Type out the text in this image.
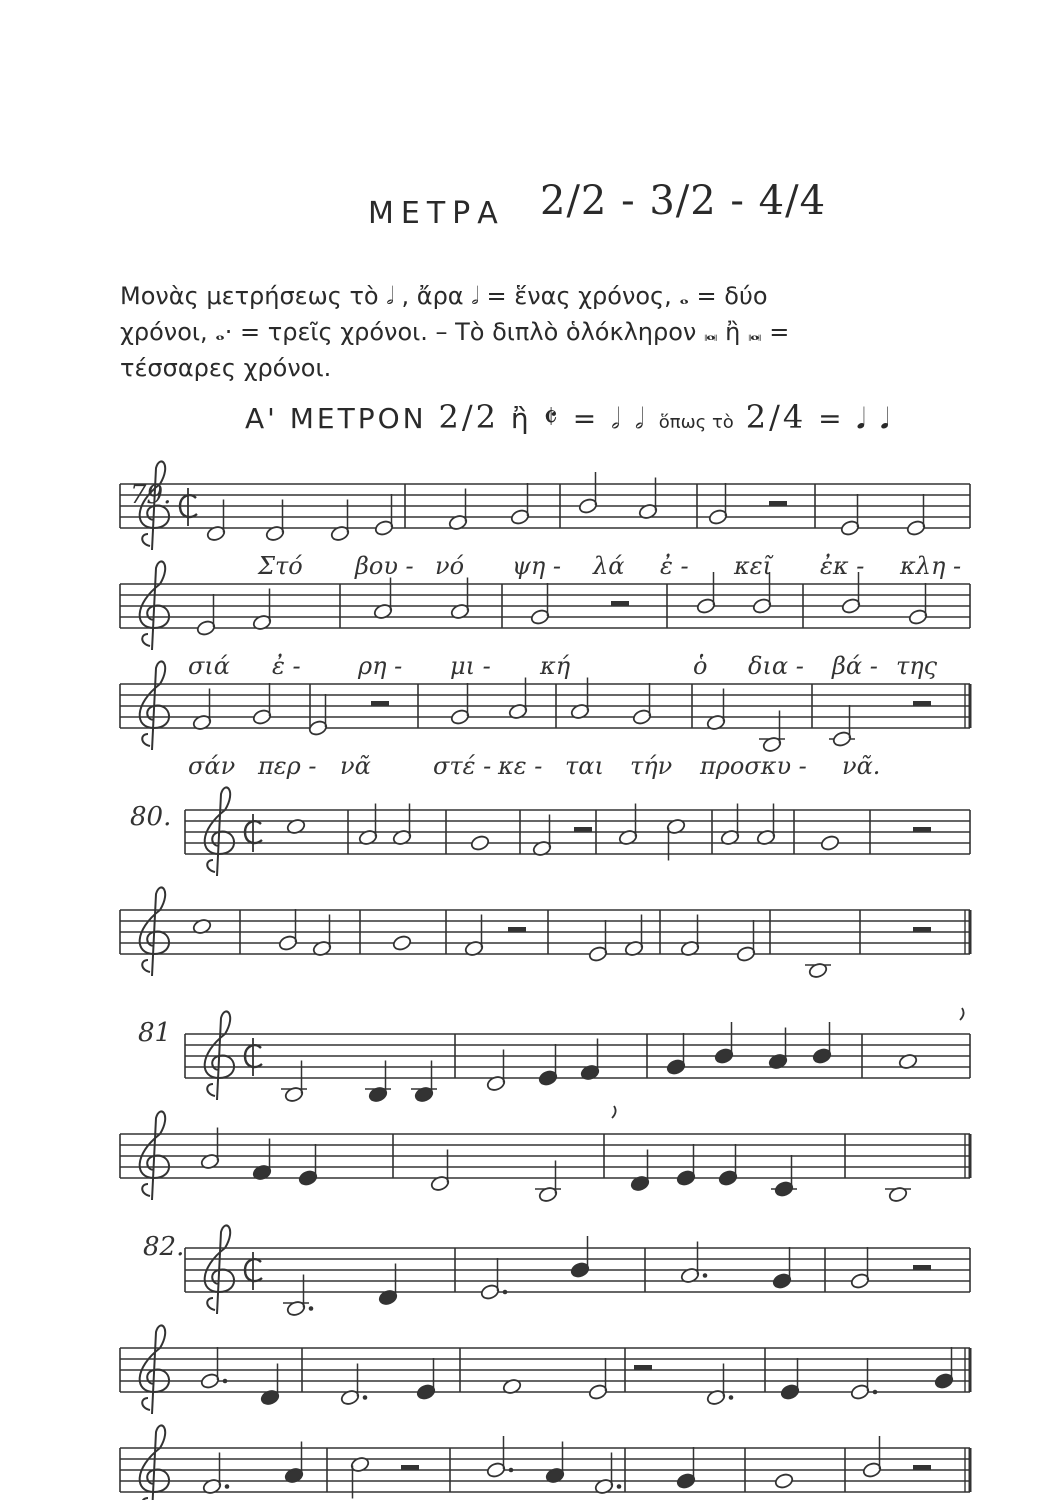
ΜΕΤΡΑ 2/2 - 3/2 - 4/4
Μονὰς μετρήσεως τὸ 𝅗𝅥 , ἄρα 𝅗𝅥 = ἕνας χρόνος, 𝅝 = δύο
χρόνοι, 𝅝· = τρεῖς χρόνοι. – Τὸ διπλὸ ὁλόκληρον 𝅜 ἢ 𝅜 =
τέσσαρες χρόνοι.
Α' ΜΕΤΡΟΝ 2/2 ἢ 𝄵 = 𝅗𝅥 𝅗𝅥 ὅπως τὸ 2/4 = 𝅘𝅥 𝅘𝅥
79.
80.
81
82.
Στό βου - νό ψη - λά ἐ - κεῖ ἐκ - κλη -
σιά ἐ - ρη - μι - κή	ὁ δια - βά - της
σάν περ - νᾶ	στέ - κε - ται τήν προσκυ - νᾶ.
